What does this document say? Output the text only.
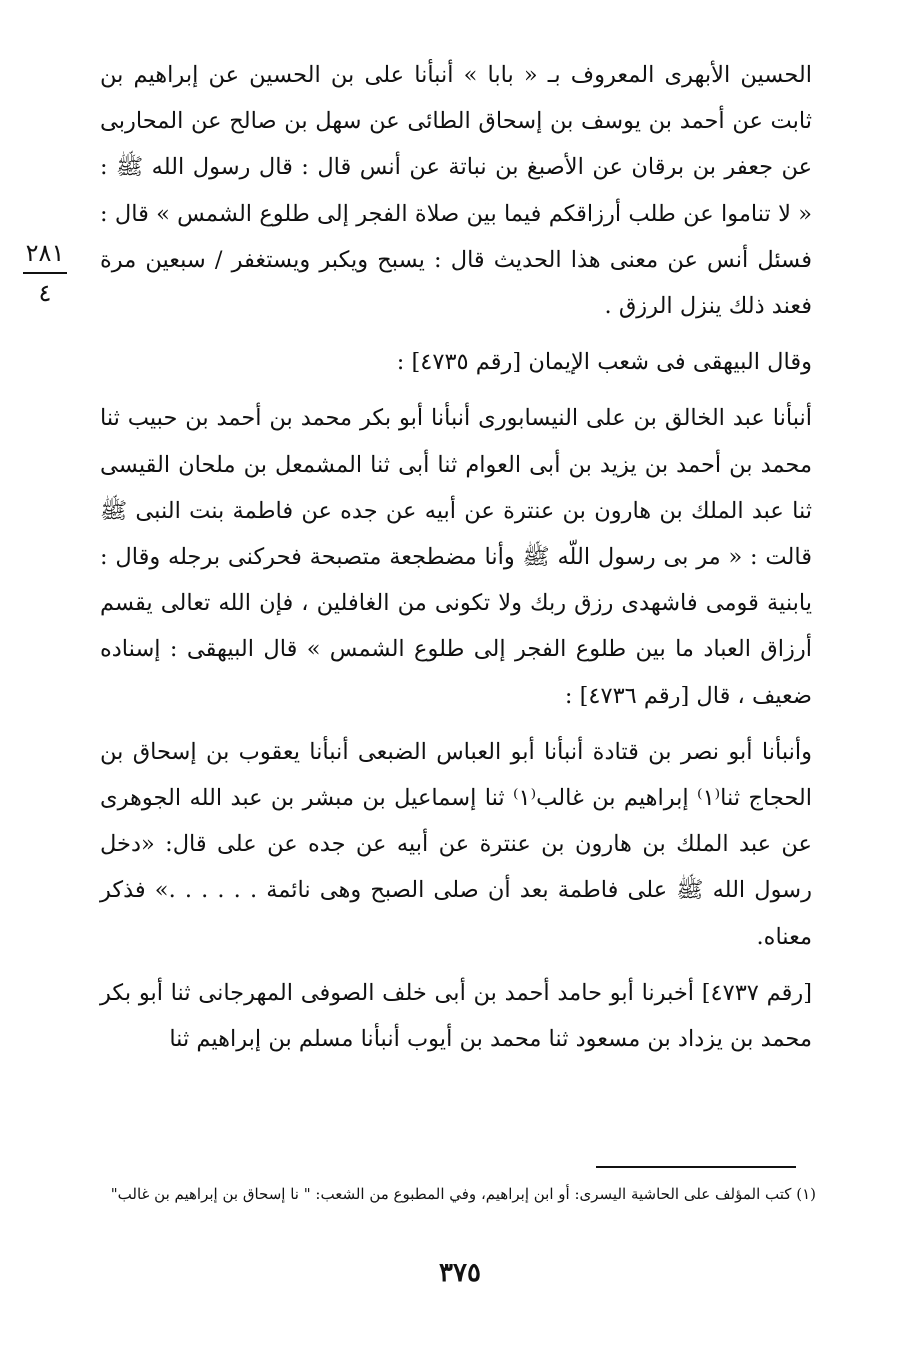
٢٨١
٤

الحسين الأبهرى المعروف بـ « بابا » أنبأنا على بن الحسين عن إبراهيم بن ثابت عن أحمد بن يوسف بن إسحاق الطائى عن سهل بن صالح عن المحاربى عن جعفر بن برقان عن الأصبغ بن نباتة عن أنس قال : قال رسول الله ﷺ : « لا تناموا عن طلب أرزاقكم فيما بين صلاة الفجر إلى طلوع الشمس » قال : فسئل أنس عن معنى هذا الحديث قال : يسبح ويكبر ويستغفر / سبعين مرة فعند ذلك ينزل الرزق .

وقال البيهقى فى شعب الإيمان [رقم ٤٧٣٥] :

أنبأنا عبد الخالق بن على النيسابورى أنبأنا أبو بكر محمد بن أحمد بن حبيب ثنا محمد بن أحمد بن يزيد بن أبى العوام ثنا أبى ثنا المشمعل بن ملحان القيسى ثنا عبد الملك بن هارون بن عنترة عن أبيه عن جده عن فاطمة بنت النبى ﷺ قالت : « مر بى رسول اللّه ﷺ وأنا مضطجعة متصبحة فحركنى برجله وقال : يابنية قومى فاشهدى رزق ربك ولا تكونى من الغافلين ، فإن الله تعالى يقسم أرزاق العباد ما بين طلوع الفجر إلى طلوع الشمس » قال البيهقى : إسناده ضعيف ، قال [رقم ٤٧٣٦] :

وأنبأنا أبو نصر بن قتادة أنبأنا أبو العباس الضبعى أنبأنا يعقوب بن إسحاق بن الحجاج ثنا⁽١⁾ إبراهيم بن غالب⁽١⁾ ثنا إسماعيل بن مبشر بن عبد الله الجوهرى عن عبد الملك بن هارون بن عنترة عن أبيه عن جده عن على قال: «دخل رسول الله ﷺ على فاطمة بعد أن صلى الصبح وهى نائمة . . . . . .» فذكر معناه.

[رقم ٤٧٣٧] أخبرنا أبو حامد أحمد بن أبى خلف الصوفى المهرجانى ثنا أبو بكر محمد بن يزداد بن مسعود ثنا محمد بن أيوب أنبأنا مسلم بن إبراهيم ثنا

(١) كتب المؤلف على الحاشية اليسرى: أو ابن إبراهيم، وفي المطبوع من الشعب: " نا إسحاق بن إبراهيم بن غالب"
٣٧٥
